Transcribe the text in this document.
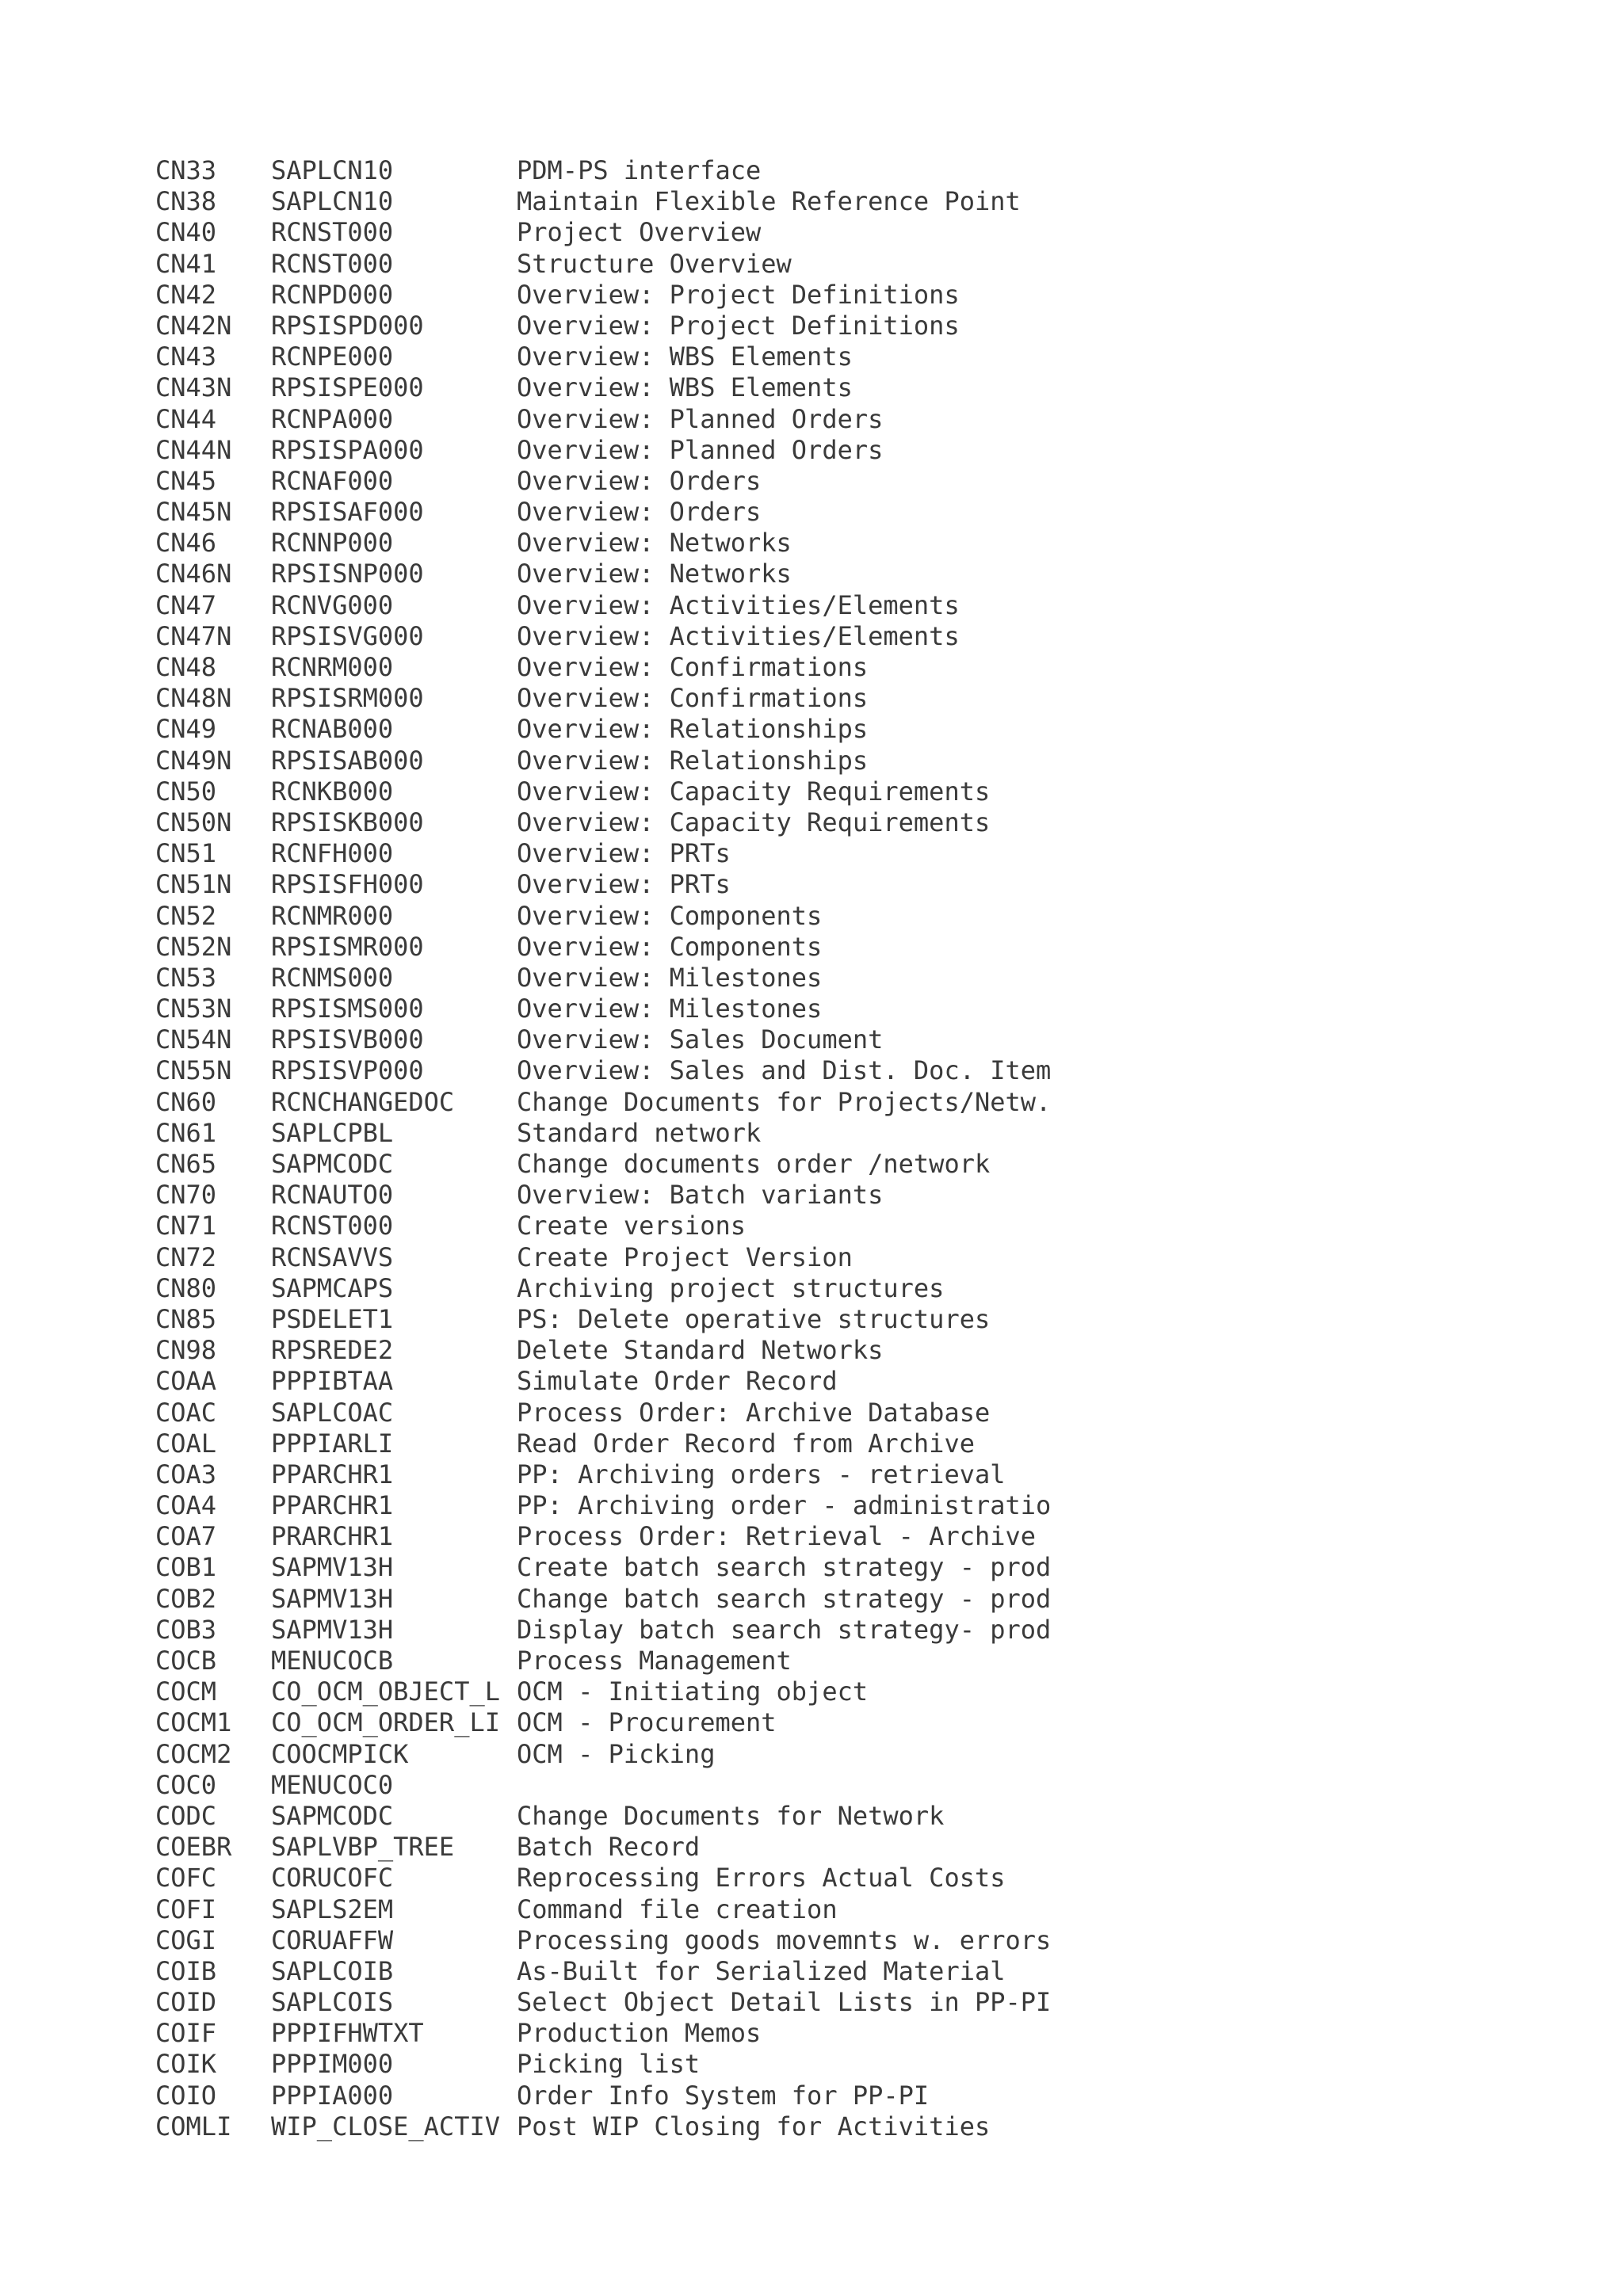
CN33 SAPLCN10	PDM-PS interface
CN38 SAPLCN10	Maintain Flexible Reference Point
CN40 RCNST000	Project Overview
CN41 RCNST000	Structure Overview
CN42 RCNPD000	Overview: Project Definitions
CN42N RPSISPD000	Overview: Project Definitions
CN43 RCNPE000	Overview: WBS Elements
CN43N RPSISPE000	Overview: WBS Elements
CN44 RCNPA000	Overview: Planned Orders
CN44N RPSISPA000	Overview: Planned Orders
CN45 RCNAF000	Overview: Orders
CN45N RPSISAF000	Overview: Orders
CN46 RCNNP000	Overview: Networks
CN46N RPSISNP000	Overview: Networks
CN47 RCNVG000	Overview: Activities/Elements
CN47N RPSISVG000	Overview: Activities/Elements
CN48 RCNRM000	Overview: Confirmations
CN48N RPSISRM000	Overview: Confirmations
CN49 RCNAB000	Overview: Relationships
CN49N RPSISAB000	Overview: Relationships
CN50 RCNKB000	Overview: Capacity Requirements
CN50N RPSISKB000	Overview: Capacity Requirements
CN51 RCNFH000	Overview: PRTs
CN51N RPSISFH000	Overview: PRTs
CN52 RCNMR000	Overview: Components
CN52N RPSISMR000	Overview: Components
CN53 RCNMS000	Overview: Milestones
CN53N RPSISMS000	Overview: Milestones
CN54N RPSISVB000	Overview: Sales Document
CN55N RPSISVP000	Overview: Sales and Dist. Doc. Item
CN60 RCNCHANGEDOC Change Documents for Projects/Netw.
CN61 SAPLCPBL	Standard network
CN65 SAPMCODC	Change documents order /network
CN70 RCNAUTO0	Overview: Batch variants
CN71 RCNST000	Create versions
CN72 RCNSAVVS	Create Project Version
CN80 SAPMCAPS	Archiving project structures
CN85 PSDELET1	PS: Delete operative structures
CN98 RPSREDE2	Delete Standard Networks
COAA PPPIBTAA	Simulate Order Record
COAC SAPLCOAC	Process Order: Archive Database
COAL PPPIARLI	Read Order Record from Archive
COA3 PPARCHR1	PP: Archiving orders - retrieval
COA4 PPARCHR1	PP: Archiving order - administratio
COA7 PRARCHR1	Process Order: Retrieval - Archive
COB1 SAPMV13H	Create batch search strategy - prod
COB2 SAPMV13H	Change batch search strategy - prod
COB3 SAPMV13H	Display batch search strategy- prod
COCB MENUCOCB	Process Management
COCM CO_OCM_OBJECT_L OCM - Initiating object
COCM1 CO_OCM_ORDER_LI OCM - Procurement
COCM2 COOCMPICK	OCM - Picking
COC0 MENUCOC0
CODC SAPMCODC	Change Documents for Network
COEBR SAPLVBP_TREE Batch Record
COFC CORUCOFC	Reprocessing Errors Actual Costs
COFI SAPLS2EM	Command file creation
COGI CORUAFFW	Processing goods movemnts w. errors
COIB SAPLCOIB	As-Built for Serialized Material
COID SAPLCOIS	Select Object Detail Lists in PP-PI
COIF PPPIFHWTXT	Production Memos
COIK PPPIM000	Picking list
COIO PPPIA000	Order Info System for PP-PI
COMLI WIP_CLOSE_ACTIV Post WIP Closing for Activities
